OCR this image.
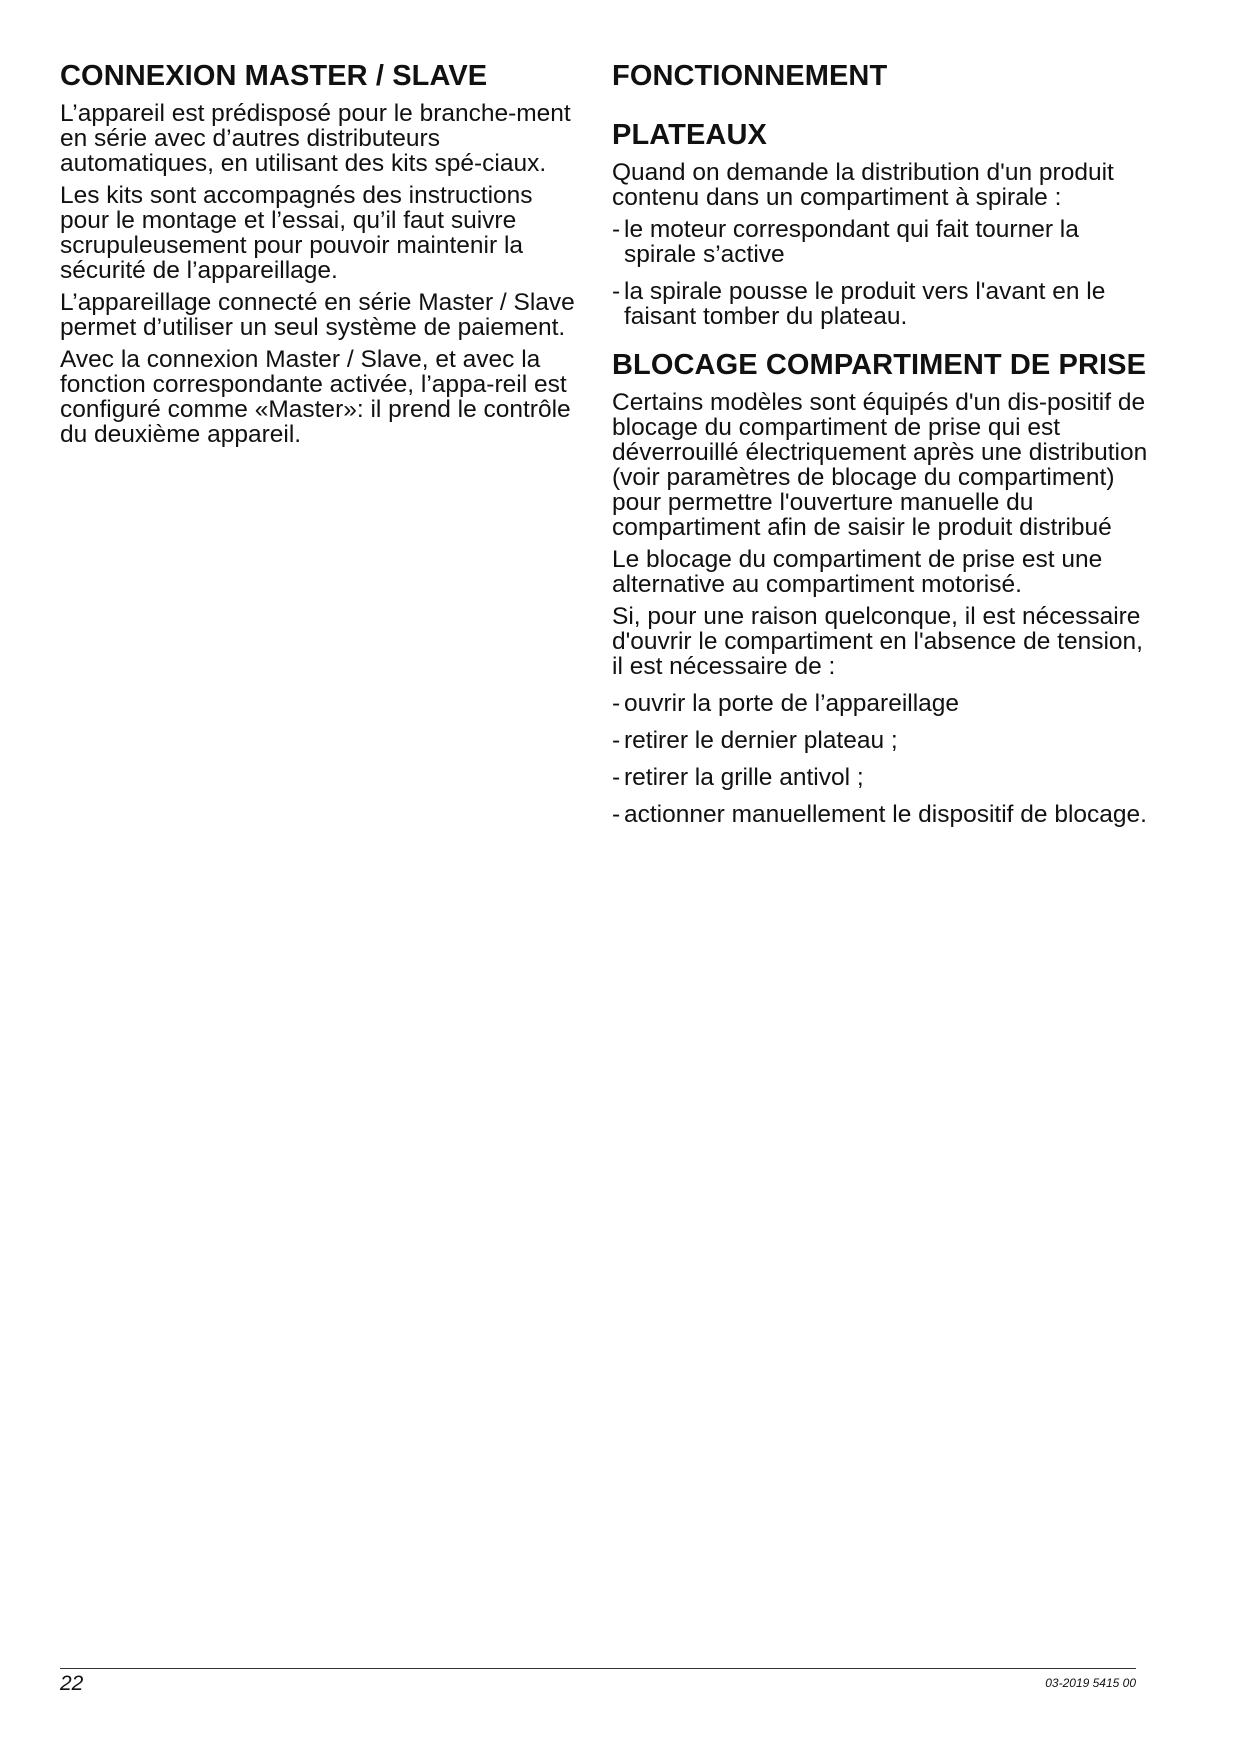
CONNEXION MASTER / SLAVE

L’appareil est prédisposé pour le branche-ment en série avec d’autres distributeurs automatiques, en utilisant des kits spé-ciaux.

Les kits sont accompagnés des instructions pour le montage et l’essai, qu’il faut suivre scrupuleusement pour pouvoir maintenir la sécurité de l’appareillage.

L’appareillage connecté en série Master / Slave permet d’utiliser un seul système de paiement.

Avec la connexion Master / Slave, et avec la fonction correspondante activée, l’appa-reil est configuré comme «Master»: il prend le contrôle du deuxième appareil.

FONCTIONNEMENT
PLATEAUX

Quand on demande la distribution d'un produit contenu dans un compartiment à spirale :

- le moteur correspondant qui fait tourner la spirale s’active
- la spirale pousse le produit vers l'avant en le faisant tomber du plateau.
BLOCAGE COMPARTIMENT DE PRISE

Certains modèles sont équipés d'un dis-positif de blocage du compartiment de prise qui est déverrouillé électriquement après une distribution (voir paramètres de blocage du compartiment) pour permettre l'ouverture manuelle du compartiment afin de saisir le produit distribué

Le blocage du compartiment de prise est une alternative au compartiment motorisé.

Si, pour une raison quelconque, il est nécessaire d'ouvrir le compartiment en l'absence de tension, il est nécessaire de :

- ouvrir la porte de l’appareillage
- retirer le dernier plateau ;
- retirer la grille antivol ;
- actionner manuellement le dispositif de blocage.
22	03-2019 5415 00
